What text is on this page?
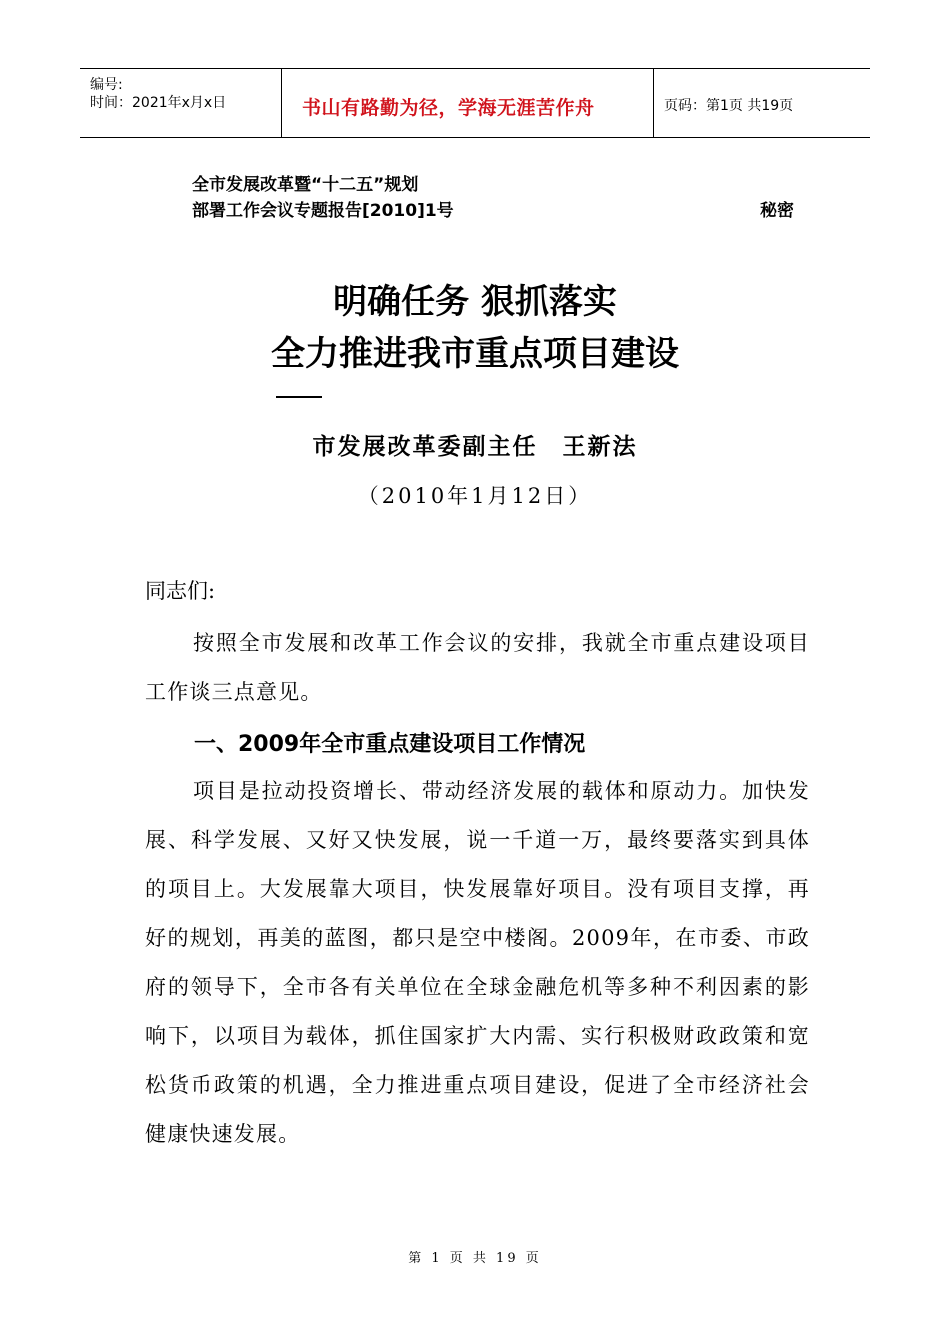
编号:
时间：2021年x月x日	书山有路勤为径，学海无涯苦作舟	页码：第1页 共19页
全市发展改革暨“十二五”规划
部署工作会议专题报告[2010]1号	秘密
明确任务 狠抓落实
全力推进我市重点项目建设
市发展改革委副主任　王新法
（2010年1月12日）
同志们:

按照全市发展和改革工作会议的安排，我就全市重点建设项目工作谈三点意见。

一、2009年全市重点建设项目工作情况

项目是拉动投资增长、带动经济发展的载体和原动力。加快发展、科学发展、又好又快发展，说一千道一万，最终要落实到具体的项目上。大发展靠大项目，快发展靠好项目。没有项目支撑，再好的规划，再美的蓝图，都只是空中楼阁。2009年，在市委、市政府的领导下，全市各有关单位在全球金融危机等多种不利因素的影响下，以项目为载体，抓住国家扩大内需、实行积极财政政策和宽松货币政策的机遇，全力推进重点项目建设，促进了全市经济社会健康快速发展。

第 1 页 共 19 页
